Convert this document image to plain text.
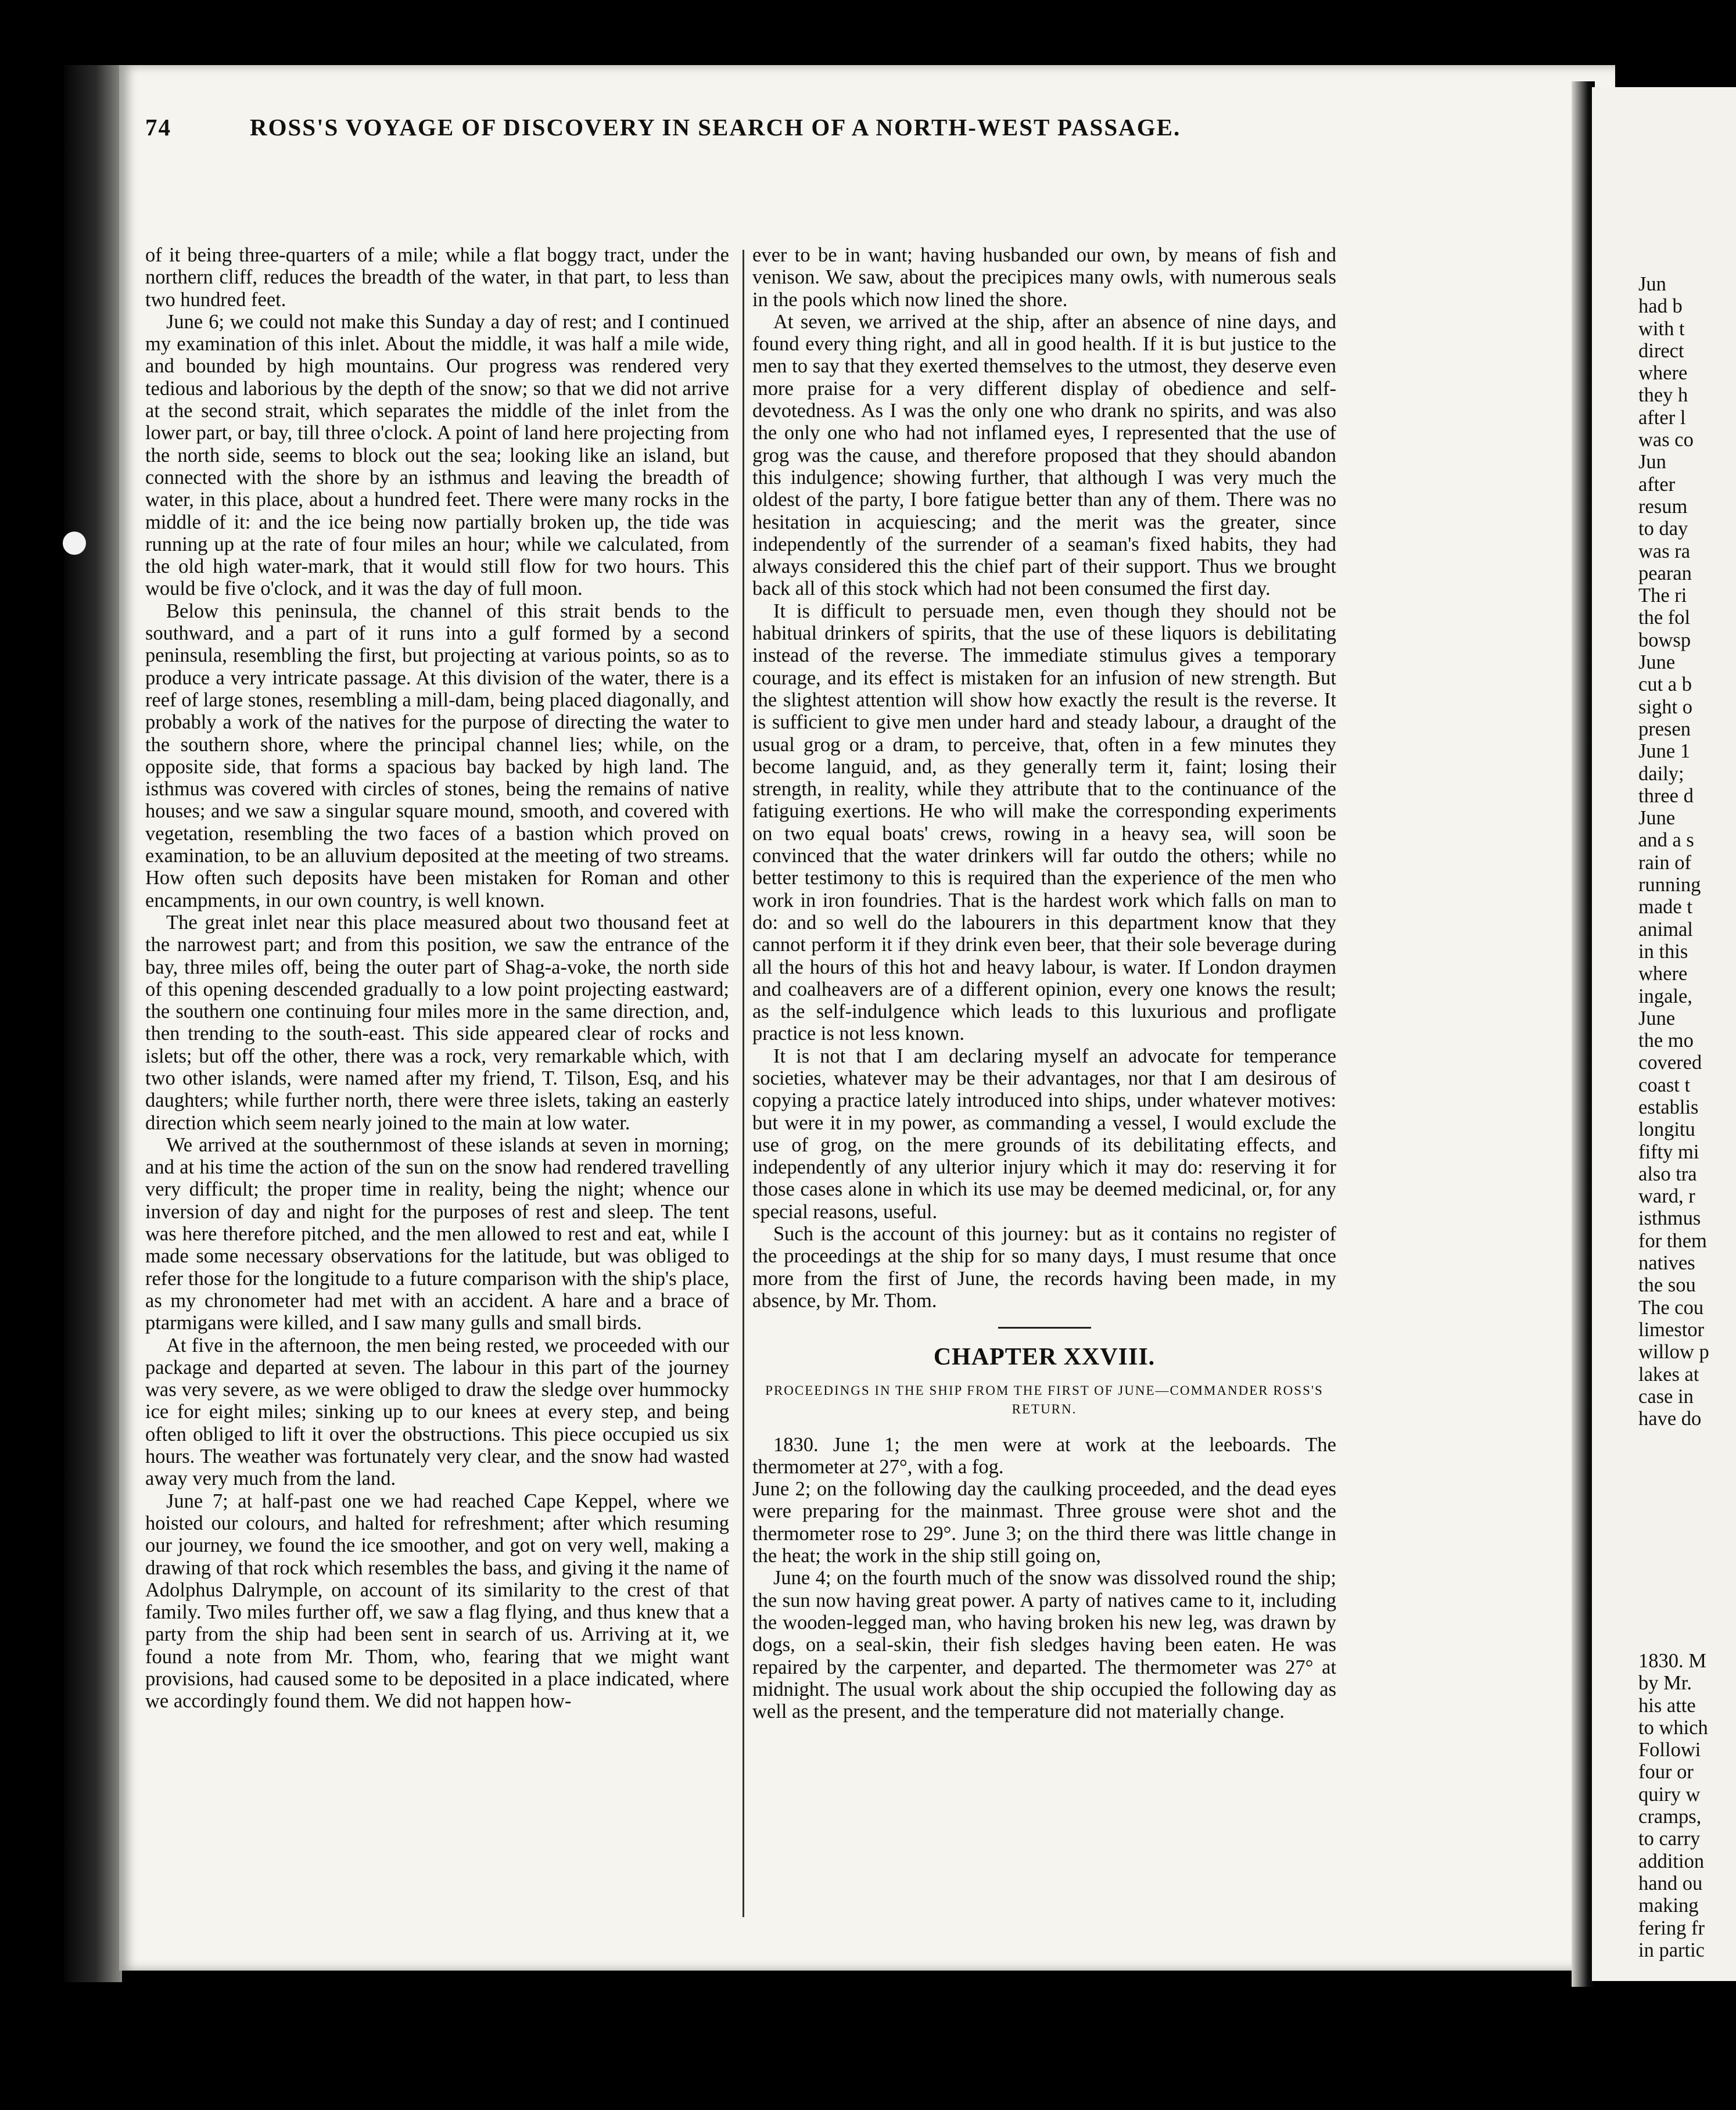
74	ROSS'S VOYAGE OF DISCOVERY IN SEARCH OF A NORTH-WEST PASSAGE.

of it being three-quarters of a mile; while a flat boggy tract, under the northern cliff, reduces the breadth of the water, in that part, to less than two hundred feet.

June 6; we could not make this Sunday a day of rest; and I continued my examination of this inlet. About the middle, it was half a mile wide, and bounded by high mountains. Our progress was rendered very tedious and laborious by the depth of the snow; so that we did not arrive at the second strait, which separates the middle of the inlet from the lower part, or bay, till three o'clock. A point of land here projecting from the north side, seems to block out the sea; looking like an island, but connected with the shore by an isthmus and leaving the breadth of water, in this place, about a hundred feet. There were many rocks in the middle of it: and the ice being now partially broken up, the tide was running up at the rate of four miles an hour; while we calculated, from the old high water-mark, that it would still flow for two hours. This would be five o'clock, and it was the day of full moon.

Below this peninsula, the channel of this strait bends to the southward, and a part of it runs into a gulf formed by a second peninsula, resembling the first, but projecting at various points, so as to produce a very intricate passage. At this division of the water, there is a reef of large stones, resembling a mill-dam, being placed diagonally, and probably a work of the natives for the purpose of directing the water to the southern shore, where the principal channel lies; while, on the opposite side, that forms a spacious bay backed by high land. The isthmus was covered with circles of stones, being the remains of native houses; and we saw a singular square mound, smooth, and covered with vegetation, resembling the two faces of a bastion which proved on examination, to be an alluvium deposited at the meeting of two streams. How often such deposits have been mistaken for Roman and other encampments, in our own country, is well known.

The great inlet near this place measured about two thousand feet at the narrowest part; and from this position, we saw the entrance of the bay, three miles off, being the outer part of Shag-a-voke, the north side of this opening descended gradually to a low point projecting eastward; the southern one continuing four miles more in the same direction, and, then trending to the south-east. This side appeared clear of rocks and islets; but off the other, there was a rock, very remarkable which, with two other islands, were named after my friend, T. Tilson, Esq, and his daughters; while further north, there were three islets, taking an easterly direction which seem nearly joined to the main at low water.

We arrived at the southernmost of these islands at seven in morning; and at his time the action of the sun on the snow had rendered travelling very difficult; the proper time in reality, being the night; whence our inversion of day and night for the purposes of rest and sleep. The tent was here therefore pitched, and the men allowed to rest and eat, while I made some necessary observations for the latitude, but was obliged to refer those for the longitude to a future comparison with the ship's place, as my chronometer had met with an accident. A hare and a brace of ptarmigans were killed, and I saw many gulls and small birds.

At five in the afternoon, the men being rested, we proceeded with our package and departed at seven. The labour in this part of the journey was very severe, as we were obliged to draw the sledge over hummocky ice for eight miles; sinking up to our knees at every step, and being often obliged to lift it over the obstructions. This piece occupied us six hours. The weather was fortunately very clear, and the snow had wasted away very much from the land.

June 7; at half-past one we had reached Cape Keppel, where we hoisted our colours, and halted for refreshment; after which resuming our journey, we found the ice smoother, and got on very well, making a drawing of that rock which resembles the bass, and giving it the name of Adolphus Dalrymple, on account of its similarity to the crest of that family. Two miles further off, we saw a flag flying, and thus knew that a party from the ship had been sent in search of us. Arriving at it, we found a note from Mr. Thom, who, fearing that we might want provisions, had caused some to be deposited in a place indicated, where we accordingly found them. We did not happen how-

ever to be in want; having husbanded our own, by means of fish and venison. We saw, about the precipices many owls, with numerous seals in the pools which now lined the shore.

At seven, we arrived at the ship, after an absence of nine days, and found every thing right, and all in good health. If it is but justice to the men to say that they exerted themselves to the utmost, they deserve even more praise for a very different display of obedience and self-devotedness. As I was the only one who drank no spirits, and was also the only one who had not inflamed eyes, I represented that the use of grog was the cause, and therefore proposed that they should abandon this indulgence; showing further, that although I was very much the oldest of the party, I bore fatigue better than any of them. There was no hesitation in acquiescing; and the merit was the greater, since independently of the surrender of a seaman's fixed habits, they had always considered this the chief part of their support. Thus we brought back all of this stock which had not been consumed the first day.

It is difficult to persuade men, even though they should not be habitual drinkers of spirits, that the use of these liquors is debilitating instead of the reverse. The immediate stimulus gives a temporary courage, and its effect is mistaken for an infusion of new strength. But the slightest attention will show how exactly the result is the reverse. It is sufficient to give men under hard and steady labour, a draught of the usual grog or a dram, to perceive, that, often in a few minutes they become languid, and, as they generally term it, faint; losing their strength, in reality, while they attribute that to the continuance of the fatiguing exertions. He who will make the corresponding experiments on two equal boats' crews, rowing in a heavy sea, will soon be convinced that the water drinkers will far outdo the others; while no better testimony to this is required than the experience of the men who work in iron foundries. That is the hardest work which falls on man to do: and so well do the labourers in this department know that they cannot perform it if they drink even beer, that their sole beverage during all the hours of this hot and heavy labour, is water. If London draymen and coalheavers are of a different opinion, every one knows the result; as the self-indulgence which leads to this luxurious and profligate practice is not less known.

It is not that I am declaring myself an advocate for temperance societies, whatever may be their advantages, nor that I am desirous of copying a practice lately introduced into ships, under whatever motives: but were it in my power, as commanding a vessel, I would exclude the use of grog, on the mere grounds of its debilitating effects, and independently of any ulterior injury which it may do: reserving it for those cases alone in which its use may be deemed medicinal, or, for any special reasons, useful.

Such is the account of this journey: but as it contains no register of the proceedings at the ship for so many days, I must resume that once more from the first of June, the records having been made, in my absence, by Mr. Thom.

CHAPTER XXVIII.
PROCEEDINGS IN THE SHIP FROM THE FIRST OF JUNE—COMMANDER ROSS'S RETURN.

1830. June 1; the men were at work at the leeboards. The thermometer at 27°, with a fog.

June 2; on the following day the caulking proceeded, and the dead eyes were preparing for the mainmast. Three grouse were shot and the thermometer rose to 29°. June 3; on the third there was little change in the heat; the work in the ship still going on,

June 4; on the fourth much of the snow was dissolved round the ship; the sun now having great power. A party of natives came to it, including the wooden-legged man, who having broken his new leg, was drawn by dogs, on a seal-skin, their fish sledges having been eaten. He was repaired by the carpenter, and departed. The thermometer was 27° at midnight. The usual work about the ship occupied the following day as well as the present, and the temperature did not materially change.

Jun
had b
with t
direct
where
they h
after l
was co
Jun
after
resum
to day
was ra
pearan
The ri
the fol
bowsp
June
cut a b
sight o
presen
June 1
daily;
three d
June
and a s
rain of
running
made t
animal
in this
where
ingale,
June
the mo
covered
coast t
establis
longitu
fifty mi
also tra
ward, r
isthmus
for them
natives
the sou
The cou
limestor
willow p
lakes at
case in
have do
1830. M
by Mr.
his atte
to which
Followi
four or
quiry w
cramps,
to carry
addition
hand ou
making
fering fr
in partic
